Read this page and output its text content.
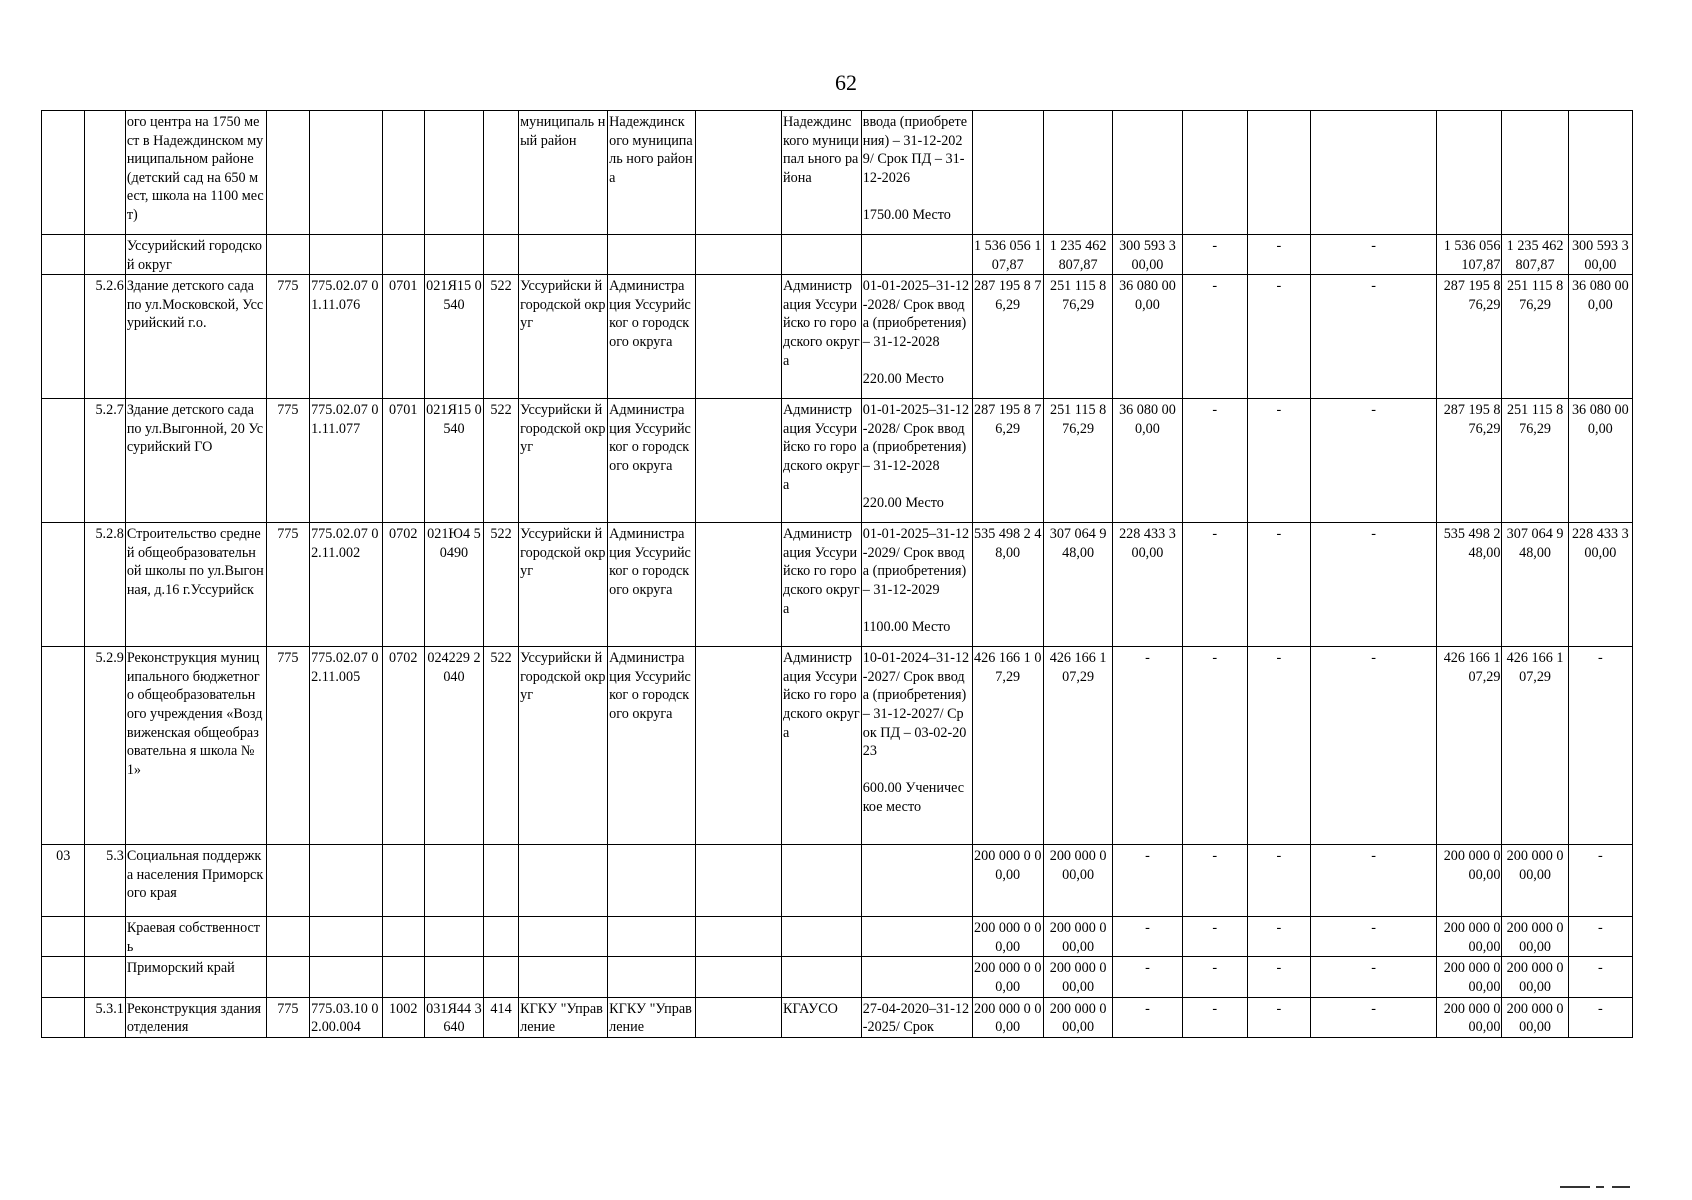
62
		ого центра на 1750 мест в Надеждинском муниципальном районе (детский сад на 650 мест, школа на 1100 мест)						муниципаль ный район	Надеждинск ого муниципаль ного района		Надеждинс кого муниципал ьного района	ввода (приобретения) – 31-12-2029/ Срок ПД – 31-12-2026
1750.00 Место									
		Уссурийский городской округ											1 536 056 107,87	1 235 462 807,87	300 593 3 00,00	-	-	-	1 536 056 107,87	1 235 462 807,87	300 593 3 00,00
	5.2.6	Здание детского сада по ул.Московской, Уссурийский г.о.	775	775.02.07 01.11.076	0701	021Я15 0540	522	Уссурийски й городской округ	Администра ция Уссурийског о городского округа		Администр ация Уссурийско го городского округа	01-01-2025–31-12-2028/ Срок ввода (приобретения) – 31-12-2028
220.00 Место	287 195 8 76,29	251 115 8 76,29	36 080 00 0,00	-	-	-	287 195 8 76,29	251 115 8 76,29	36 080 00 0,00
	5.2.7	Здание детского сада по ул.Выгонной, 20 Уссурийский ГО	775	775.02.07 01.11.077	0701	021Я15 0540	522	Уссурийски й городской округ	Администра ция Уссурийског о городского округа		Администр ация Уссурийско го городского округа	01-01-2025–31-12-2028/ Срок ввода (приобретения) – 31-12-2028
220.00 Место	287 195 8 76,29	251 115 8 76,29	36 080 00 0,00	-	-	-	287 195 8 76,29	251 115 8 76,29	36 080 00 0,00
	5.2.8	Строительство средней общеобразовательн ой школы по ул.Выгонная, д.16 г.Уссурийск	775	775.02.07 02.11.002	0702	021Ю4 50490	522	Уссурийски й городской округ	Администра ция Уссурийског о городского округа		Администр ация Уссурийско го городского округа	01-01-2025–31-12-2029/ Срок ввода (приобретения) – 31-12-2029
1100.00 Место	535 498 2 48,00	307 064 9 48,00	228 433 3 00,00	-	-	-	535 498 2 48,00	307 064 9 48,00	228 433 3 00,00
	5.2.9	Реконструкция муниципального бюджетного общеобразовательн ого учреждения «Воздвиженская общеобразовательна я школа № 1»	775	775.02.07 02.11.005	0702	024229 2040	522	Уссурийски й городской округ	Администра ция Уссурийског о городского округа		Администр ация Уссурийско го городского округа	10-01-2024–31-12-2027/ Срок ввода (приобретения) – 31-12-2027/ Срок ПД – 03-02-2023
600.00 Ученическое место	426 166 1 07,29	426 166 1 07,29	-	-	-	-	426 166 1 07,29	426 166 1 07,29	-
03	5.3	Социальная поддержка населения Приморского края											200 000 0 00,00	200 000 0 00,00	-	-	-	-	200 000 0 00,00	200 000 0 00,00	-
		Краевая собственность											200 000 0 00,00	200 000 0 00,00	-	-	-	-	200 000 0 00,00	200 000 0 00,00	-
		Приморский край											200 000 0 00,00	200 000 0 00,00	-	-	-	-	200 000 0 00,00	200 000 0 00,00	-
	5.3.1	Реконструкция здания отделения	775	775.03.10 02.00.004	1002	031Я44 3640	414	КГКУ "Управление	КГКУ "Управление		КГАУСО	27-04-2020–31-12-2025/ Срок	200 000 0 00,00	200 000 0 00,00	-	-	-	-	200 000 0 00,00	200 000 0 00,00	-
